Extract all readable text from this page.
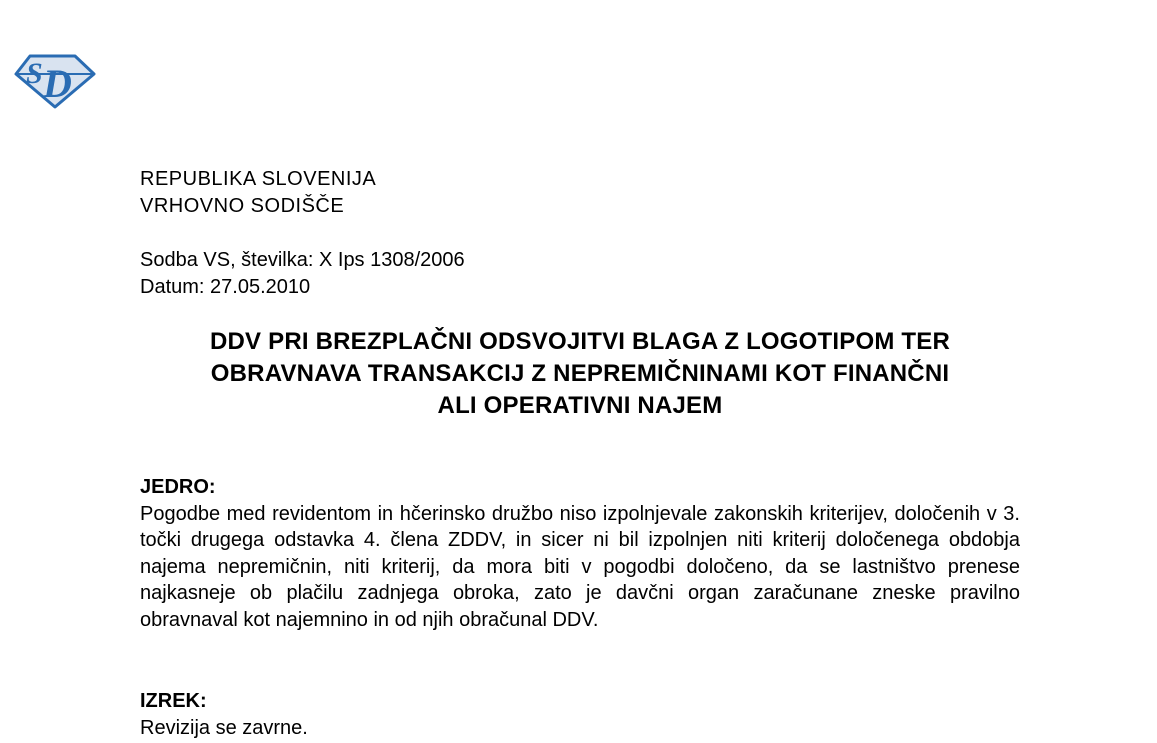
S D
REPUBLIKA SLOVENIJA
VRHOVNO SODIŠČE
Sodba VS, številka: X Ips 1308/2006
Datum: 27.05.2010
DDV PRI BREZPLAČNI ODSVOJITVI BLAGA Z LOGOTIPOM TER
OBRAVNAVA TRANSAKCIJ Z NEPREMIČNINAMI KOT FINANČNI
ALI OPERATIVNI NAJEM
JEDRO:
Pogodbe med revidentom in hčerinsko družbo niso izpolnjevale zakonskih kriterijev, določenih v 3. točki drugega odstavka 4. člena ZDDV, in sicer ni bil izpolnjen niti kriterij določenega obdobja najema nepremičnin, niti kriterij, da mora biti v pogodbi določeno, da se lastništvo prenese najkasneje ob plačilu zadnjega obroka, zato je davčni organ zaračunane zneske pravilno obravnaval kot najemnino in od njih obračunal DDV.
IZREK:
Revizija se zavrne.
